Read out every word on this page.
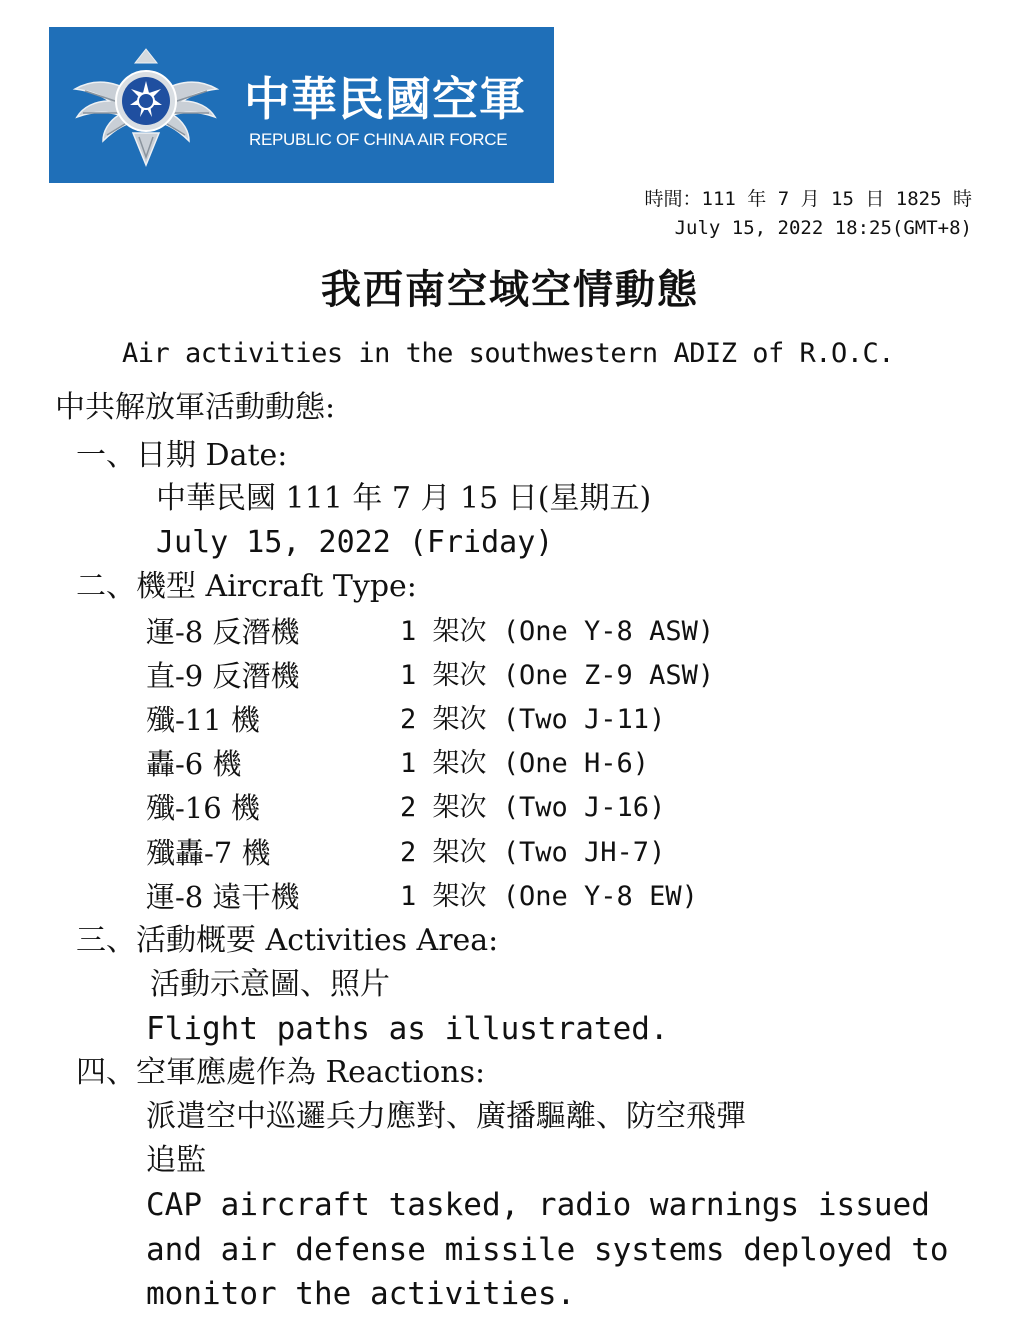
中華民國空軍
REPUBLIC OF CHINA AIR FORCE
時間：111 年 7 月 15 日 1825 時
July 15, 2022 18:25(GMT+8)
我西南空域空情動態
Air activities in the southwestern ADIZ of R.O.C.
中共解放軍活動動態:
一、日期 Date:
中華民國 111 年 7 月 15 日(星期五)
July 15, 2022 (Friday)
二、機型 Aircraft Type:
運-8 反潛機	1 架次 (One Y-8 ASW)
直-9 反潛機	1 架次 (One Z-9 ASW)
殲-11 機	2 架次 (Two J-11)
轟-6 機	1 架次 (One H-6)
殲-16 機	2 架次 (Two J-16)
殲轟-7 機	2 架次 (Two JH-7)
運-8 遠干機	1 架次 (One Y-8 EW)
三、活動概要 Activities Area:
活動示意圖、照片
Flight paths as illustrated.
四、空軍應處作為 Reactions:
派遣空中巡邏兵力應對、廣播驅離、防空飛彈
追監
CAP aircraft tasked, radio warnings issued
and air defense missile systems deployed to
monitor the activities.
